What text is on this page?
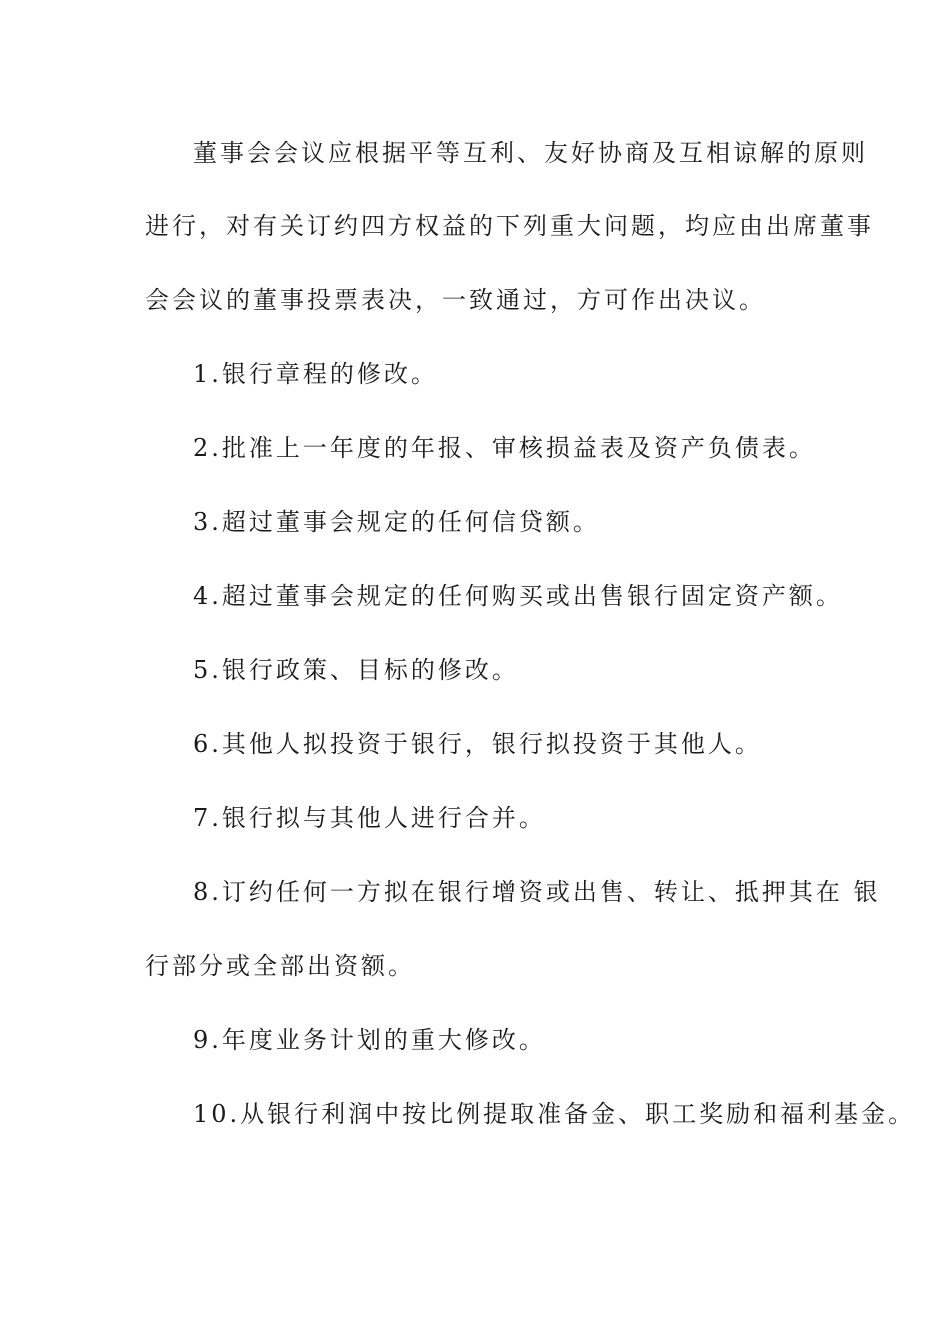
董事会会议应根据平等互利、友好协商及互相谅解的原则

进行，对有关订约四方权益的下列重大问题，均应由出席董事

会会议的董事投票表决，一致通过，方可作出决议。

1.银行章程的修改。

2.批准上一年度的年报、审核损益表及资产负债表。

3.超过董事会规定的任何信贷额。

4.超过董事会规定的任何购买或出售银行固定资产额。

5.银行政策、目标的修改。

6.其他人拟投资于银行，银行拟投资于其他人。

7.银行拟与其他人进行合并。

8.订约任何一方拟在银行增资或出售、转让、抵押其在 银

行部分或全部出资额。

9.年度业务计划的重大修改。

10.从银行利润中按比例提取准备金、职工奖励和福利基金。
